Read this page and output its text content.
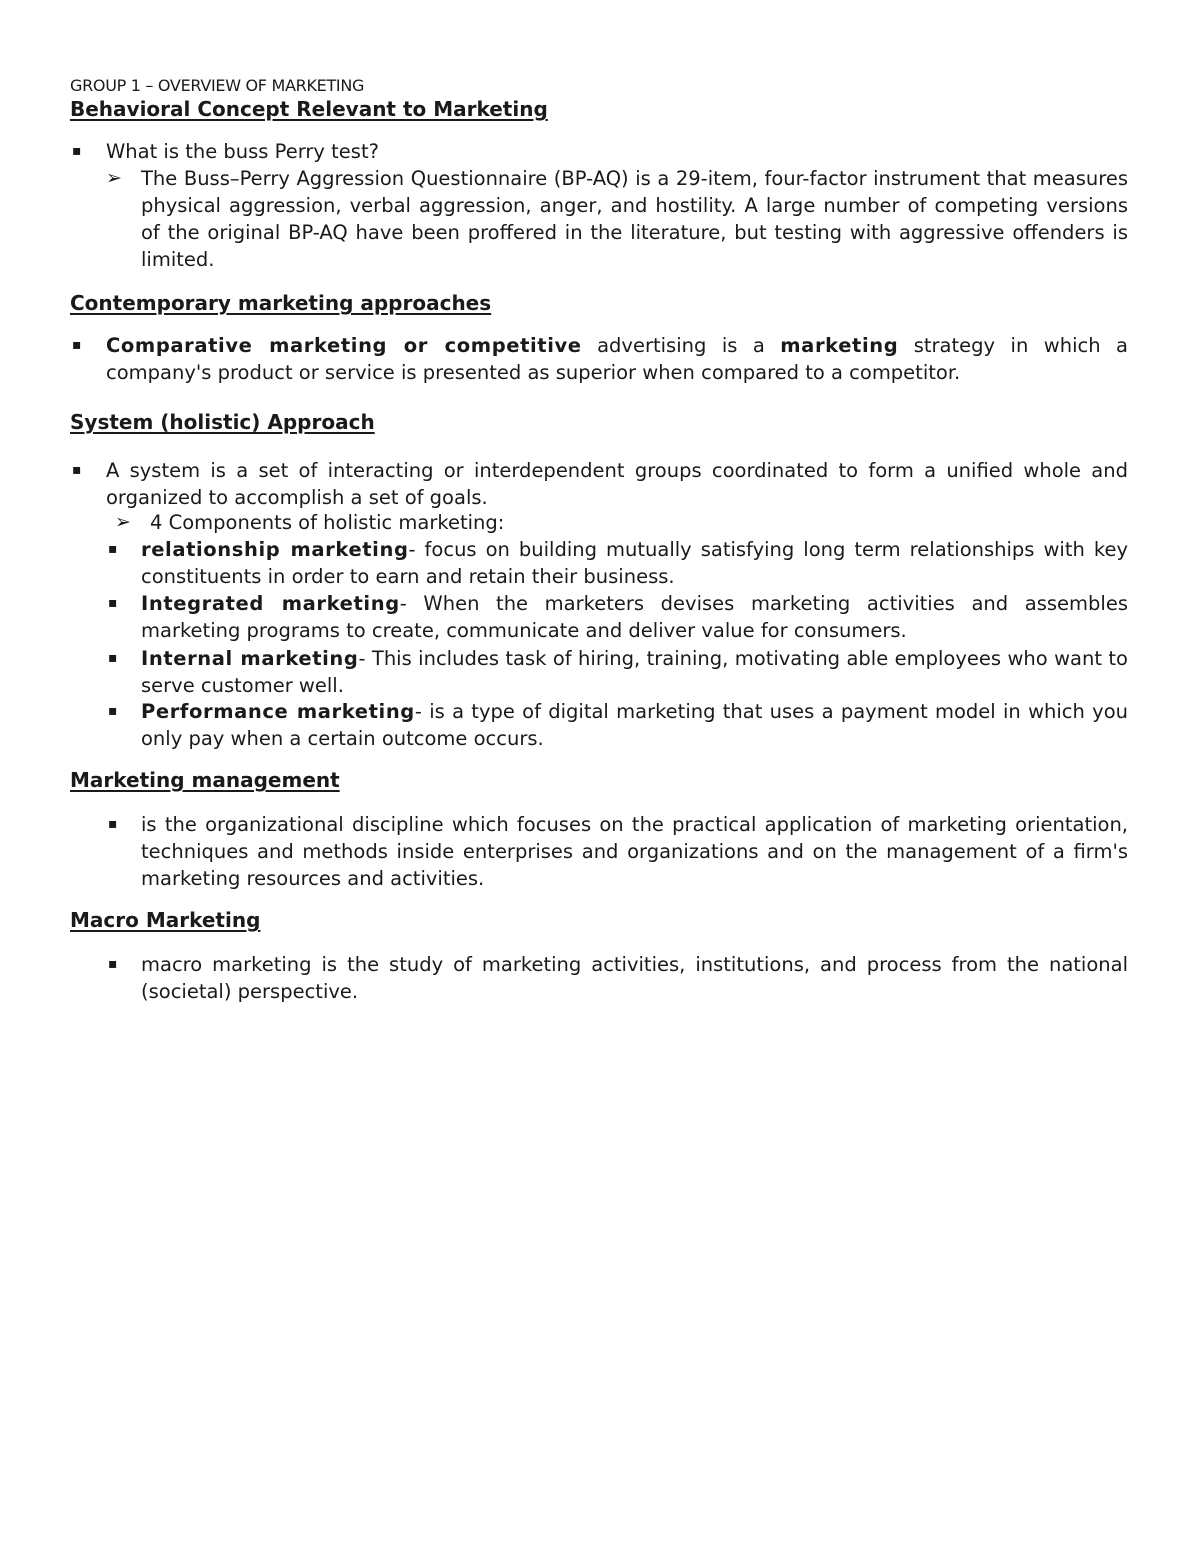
GROUP 1 – OVERVIEW OF MARKETING
Behavioral Concept Relevant to Marketing
▪ What is the buss Perry test?
➢ The Buss–Perry Aggression Questionnaire (BP-AQ) is a 29-item, four-factor instrument that measures physical aggression, verbal aggression, anger, and hostility. A large number of competing versions of the original BP-AQ have been proffered in the literature, but testing with aggressive offenders is limited.
Contemporary marketing approaches
▪ Comparative marketing or competitive advertising is a marketing strategy in which a company's product or service is presented as superior when compared to a competitor.
System (holistic) Approach
▪ A system is a set of interacting or interdependent groups coordinated to form a unified whole and organized to accomplish a set of goals.
➢ 4 Components of holistic marketing:
▪ relationship marketing- focus on building mutually satisfying long term relationships with key constituents in order to earn and retain their business.
▪ Integrated marketing- When the marketers devises marketing activities and assembles marketing programs to create, communicate and deliver value for consumers.
▪ Internal marketing- This includes task of hiring, training, motivating able employees who want to serve customer well.
▪ Performance marketing- is a type of digital marketing that uses a payment model in which you only pay when a certain outcome occurs.
Marketing management
▪ is the organizational discipline which focuses on the practical application of marketing orientation, techniques and methods inside enterprises and organizations and on the management of a firm's marketing resources and activities.
Macro Marketing
▪ macro marketing is the study of marketing activities, institutions, and process from the national (societal) perspective.
